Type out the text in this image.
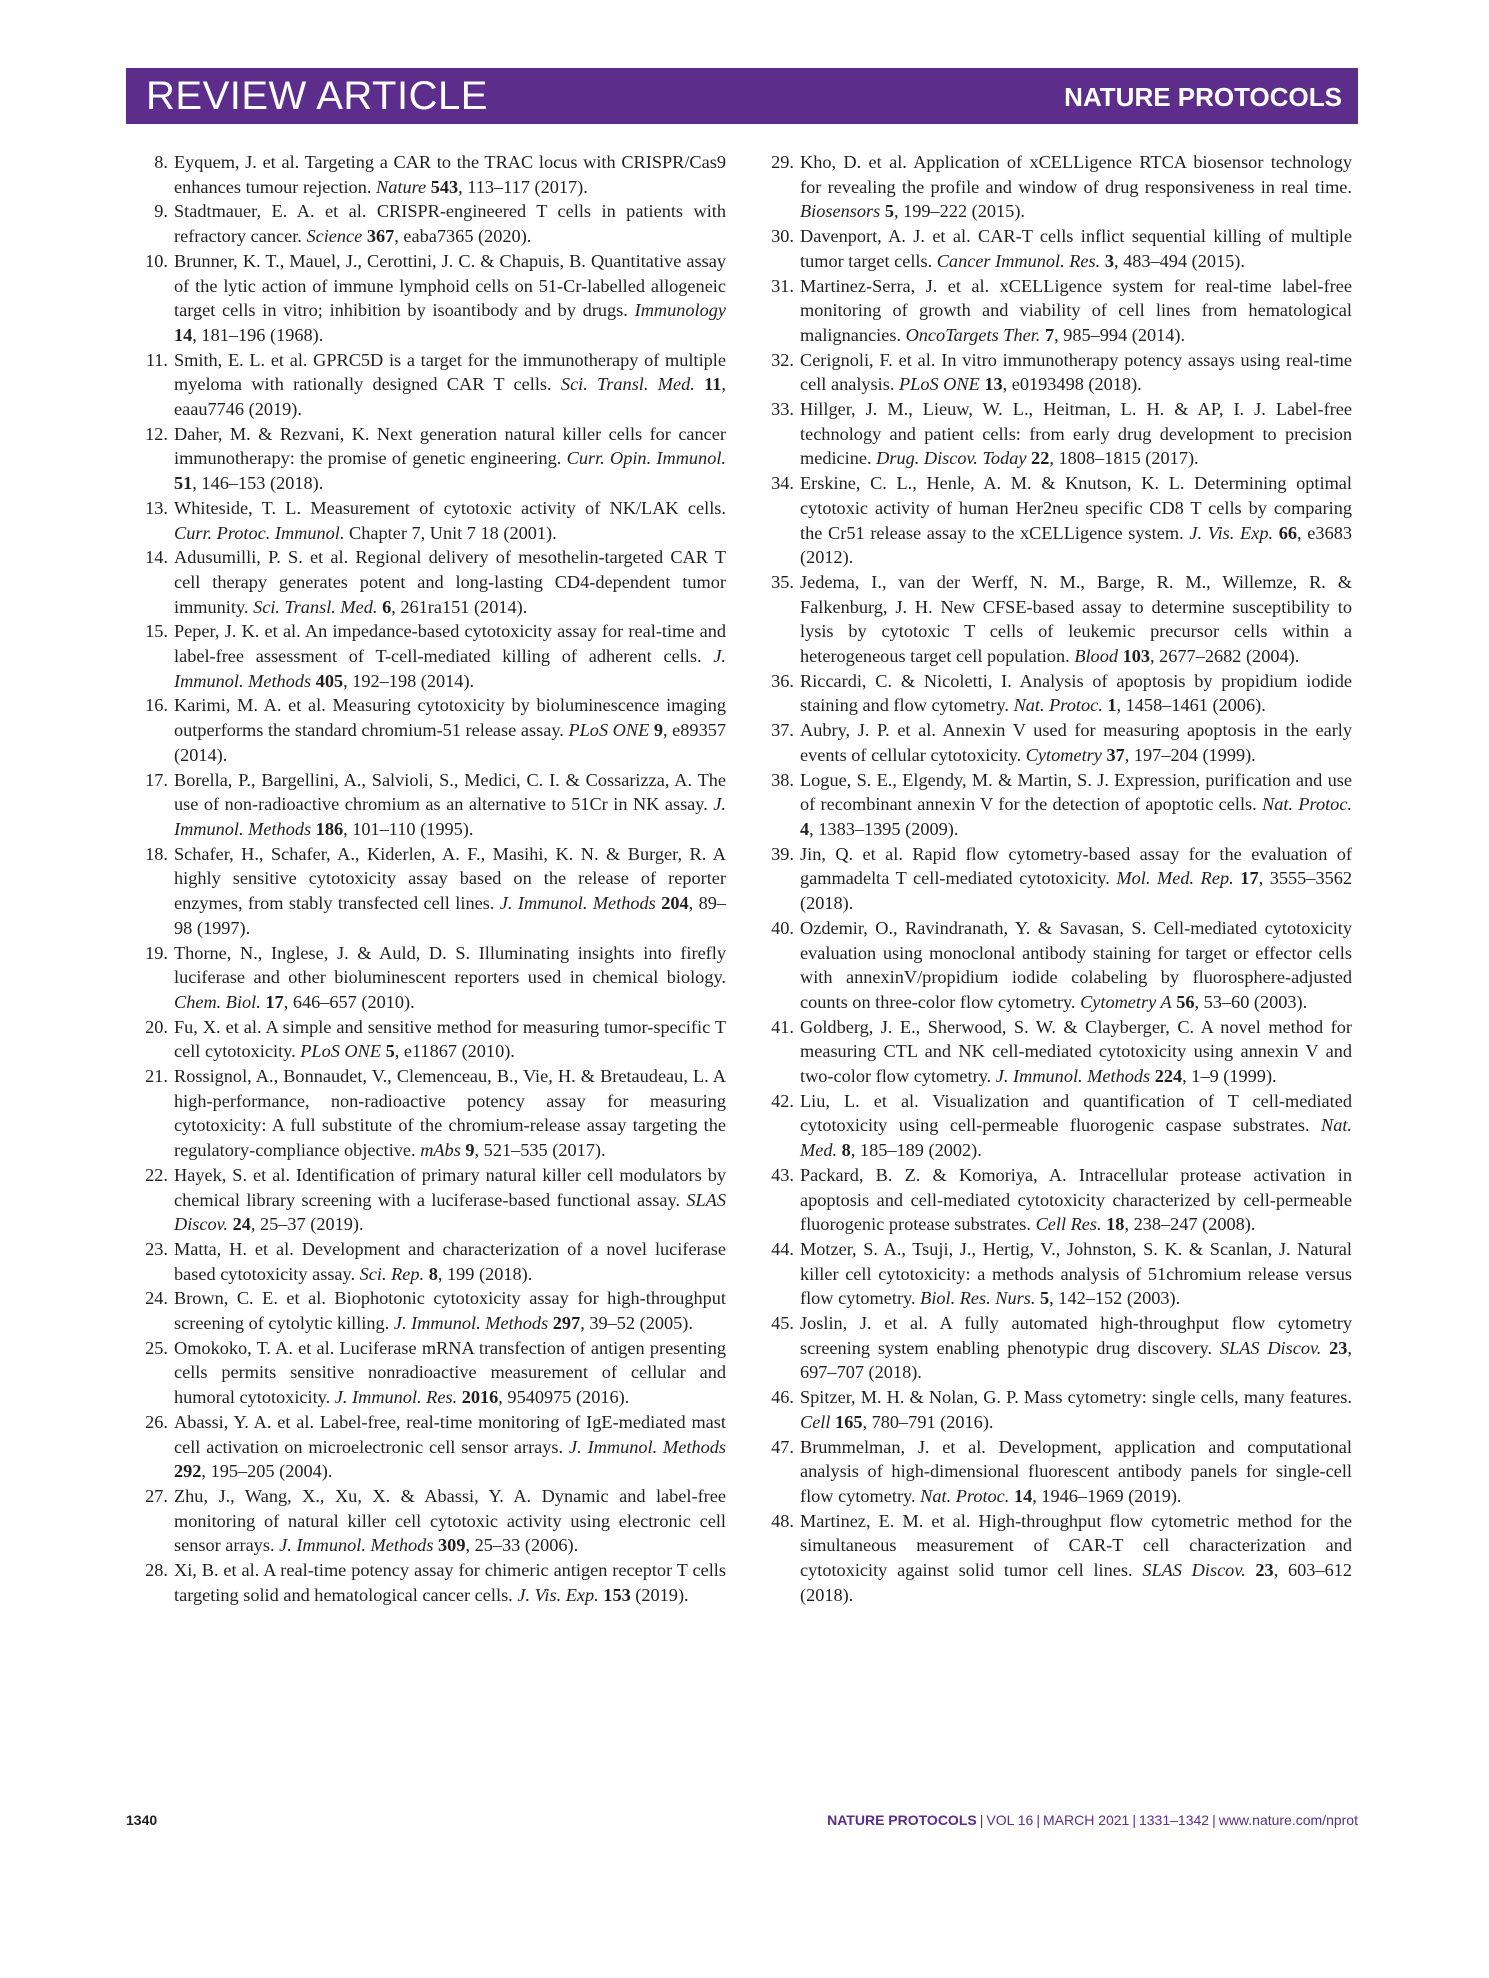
REVIEW ARTICLE	NATURE PROTOCOLS
8 . Eyquem, J. et al. Targeting a CAR to the TRAC locus with CRISPR/Cas9 enhances tumour rejection. Nature 543, 113–117 (2017).
9 . Stadtmauer, E. A. et al. CRISPR-engineered T cells in patients with refractory cancer. Science 367, eaba7365 (2020).
10 . Brunner, K. T., Mauel, J., Cerottini, J. C. & Chapuis, B. Quantitative assay of the lytic action of immune lymphoid cells on 51-Cr-labelled allogeneic target cells in vitro; inhibition by isoantibody and by drugs. Immunology 14, 181–196 (1968).
11 . Smith, E. L. et al. GPRC5D is a target for the immunotherapy of multiple myeloma with rationally designed CAR T cells. Sci. Transl. Med. 11, eaau7746 (2019).
12 . Daher, M. & Rezvani, K. Next generation natural killer cells for cancer immunotherapy: the promise of genetic engineering. Curr. Opin. Immunol. 51, 146–153 (2018).
13 . Whiteside, T. L. Measurement of cytotoxic activity of NK/LAK cells. Curr. Protoc. Immunol. Chapter 7, Unit 7 18 (2001).
14 . Adusumilli, P. S. et al. Regional delivery of mesothelin-targeted CAR T cell therapy generates potent and long-lasting CD4-dependent tumor immunity. Sci. Transl. Med. 6, 261ra151 (2014).
15 . Peper, J. K. et al. An impedance-based cytotoxicity assay for real-time and label-free assessment of T-cell-mediated killing of adherent cells. J. Immunol. Methods 405, 192–198 (2014).
16 . Karimi, M. A. et al. Measuring cytotoxicity by bioluminescence imaging outperforms the standard chromium-51 release assay. PLoS ONE 9, e89357 (2014).
17 . Borella, P., Bargellini, A., Salvioli, S., Medici, C. I. & Cossarizza, A. The use of non-radioactive chromium as an alternative to 51Cr in NK assay. J. Immunol. Methods 186, 101–110 (1995).
18 . Schafer, H., Schafer, A., Kiderlen, A. F., Masihi, K. N. & Burger, R. A highly sensitive cytotoxicity assay based on the release of reporter enzymes, from stably transfected cell lines. J. Immunol. Methods 204, 89–98 (1997).
19 . Thorne, N., Inglese, J. & Auld, D. S. Illuminating insights into firefly luciferase and other bioluminescent reporters used in chemical biology. Chem. Biol. 17, 646–657 (2010).
20 . Fu, X. et al. A simple and sensitive method for measuring tumor-specific T cell cytotoxicity. PLoS ONE 5, e11867 (2010).
21 . Rossignol, A., Bonnaudet, V., Clemenceau, B., Vie, H. & Bretaudeau, L. A high-performance, non-radioactive potency assay for measuring cytotoxicity: A full substitute of the chromium-release assay targeting the regulatory-compliance objective. mAbs 9, 521–535 (2017).
22 . Hayek, S. et al. Identification of primary natural killer cell modulators by chemical library screening with a luciferase-based functional assay. SLAS Discov. 24, 25–37 (2019).
23 . Matta, H. et al. Development and characterization of a novel luciferase based cytotoxicity assay. Sci. Rep. 8, 199 (2018).
24 . Brown, C. E. et al. Biophotonic cytotoxicity assay for high-throughput screening of cytolytic killing. J. Immunol. Methods 297, 39–52 (2005).
25 . Omokoko, T. A. et al. Luciferase mRNA transfection of antigen presenting cells permits sensitive nonradioactive measurement of cellular and humoral cytotoxicity. J. Immunol. Res. 2016, 9540975 (2016).
26 . Abassi, Y. A. et al. Label-free, real-time monitoring of IgE-mediated mast cell activation on microelectronic cell sensor arrays. J. Immunol. Methods 292, 195–205 (2004).
27 . Zhu, J., Wang, X., Xu, X. & Abassi, Y. A. Dynamic and label-free monitoring of natural killer cell cytotoxic activity using electronic cell sensor arrays. J. Immunol. Methods 309, 25–33 (2006).
28 . Xi, B. et al. A real-time potency assay for chimeric antigen receptor T cells targeting solid and hematological cancer cells. J. Vis. Exp. 153 (2019).
29 . Kho, D. et al. Application of xCELLigence RTCA biosensor technology for revealing the profile and window of drug responsiveness in real time. Biosensors 5, 199–222 (2015).
30 . Davenport, A. J. et al. CAR-T cells inflict sequential killing of multiple tumor target cells. Cancer Immunol. Res. 3, 483–494 (2015).
31 . Martinez-Serra, J. et al. xCELLigence system for real-time label-free monitoring of growth and viability of cell lines from hematological malignancies. OncoTargets Ther. 7, 985–994 (2014).
32 . Cerignoli, F. et al. In vitro immunotherapy potency assays using real-time cell analysis. PLoS ONE 13, e0193498 (2018).
33 . Hillger, J. M., Lieuw, W. L., Heitman, L. H. & AP, I. J. Label-free technology and patient cells: from early drug development to precision medicine. Drug. Discov. Today 22, 1808–1815 (2017).
34 . Erskine, C. L., Henle, A. M. & Knutson, K. L. Determining optimal cytotoxic activity of human Her2neu specific CD8 T cells by comparing the Cr51 release assay to the xCELLigence system. J. Vis. Exp. 66, e3683 (2012).
35 . Jedema, I., van der Werff, N. M., Barge, R. M., Willemze, R. & Falkenburg, J. H. New CFSE-based assay to determine susceptibility to lysis by cytotoxic T cells of leukemic precursor cells within a heterogeneous target cell population. Blood 103, 2677–2682 (2004).
36 . Riccardi, C. & Nicoletti, I. Analysis of apoptosis by propidium iodide staining and flow cytometry. Nat. Protoc. 1, 1458–1461 (2006).
37 . Aubry, J. P. et al. Annexin V used for measuring apoptosis in the early events of cellular cytotoxicity. Cytometry 37, 197–204 (1999).
38 . Logue, S. E., Elgendy, M. & Martin, S. J. Expression, purification and use of recombinant annexin V for the detection of apoptotic cells. Nat. Protoc. 4, 1383–1395 (2009).
39 . Jin, Q. et al. Rapid flow cytometry-based assay for the evaluation of gammadelta T cell-mediated cytotoxicity. Mol. Med. Rep. 17, 3555–3562 (2018).
40 . Ozdemir, O., Ravindranath, Y. & Savasan, S. Cell-mediated cytotoxicity evaluation using monoclonal antibody staining for target or effector cells with annexinV/propidium iodide colabeling by fluorosphere-adjusted counts on three-color flow cytometry. Cytometry A 56, 53–60 (2003).
41 . Goldberg, J. E., Sherwood, S. W. & Clayberger, C. A novel method for measuring CTL and NK cell-mediated cytotoxicity using annexin V and two-color flow cytometry. J. Immunol. Methods 224, 1–9 (1999).
42 . Liu, L. et al. Visualization and quantification of T cell-mediated cytotoxicity using cell-permeable fluorogenic caspase substrates. Nat. Med. 8, 185–189 (2002).
43 . Packard, B. Z. & Komoriya, A. Intracellular protease activation in apoptosis and cell-mediated cytotoxicity characterized by cell-permeable fluorogenic protease substrates. Cell Res. 18, 238–247 (2008).
44 . Motzer, S. A., Tsuji, J., Hertig, V., Johnston, S. K. & Scanlan, J. Natural killer cell cytotoxicity: a methods analysis of 51chromium release versus flow cytometry. Biol. Res. Nurs. 5, 142–152 (2003).
45 . Joslin, J. et al. A fully automated high-throughput flow cytometry screening system enabling phenotypic drug discovery. SLAS Discov. 23, 697–707 (2018).
46 . Spitzer, M. H. & Nolan, G. P. Mass cytometry: single cells, many features. Cell 165, 780–791 (2016).
47 . Brummelman, J. et al. Development, application and computational analysis of high-dimensional fluorescent antibody panels for single-cell flow cytometry. Nat. Protoc. 14, 1946–1969 (2019).
48 . Martinez, E. M. et al. High-throughput flow cytometric method for the simultaneous measurement of CAR-T cell characterization and cytotoxicity against solid tumor cell lines. SLAS Discov. 23, 603–612 (2018).
1340	NATURE PROTOCOLS | VOL 16 | MARCH 2021 | 1331–1342 | www.nature.com/nprot
